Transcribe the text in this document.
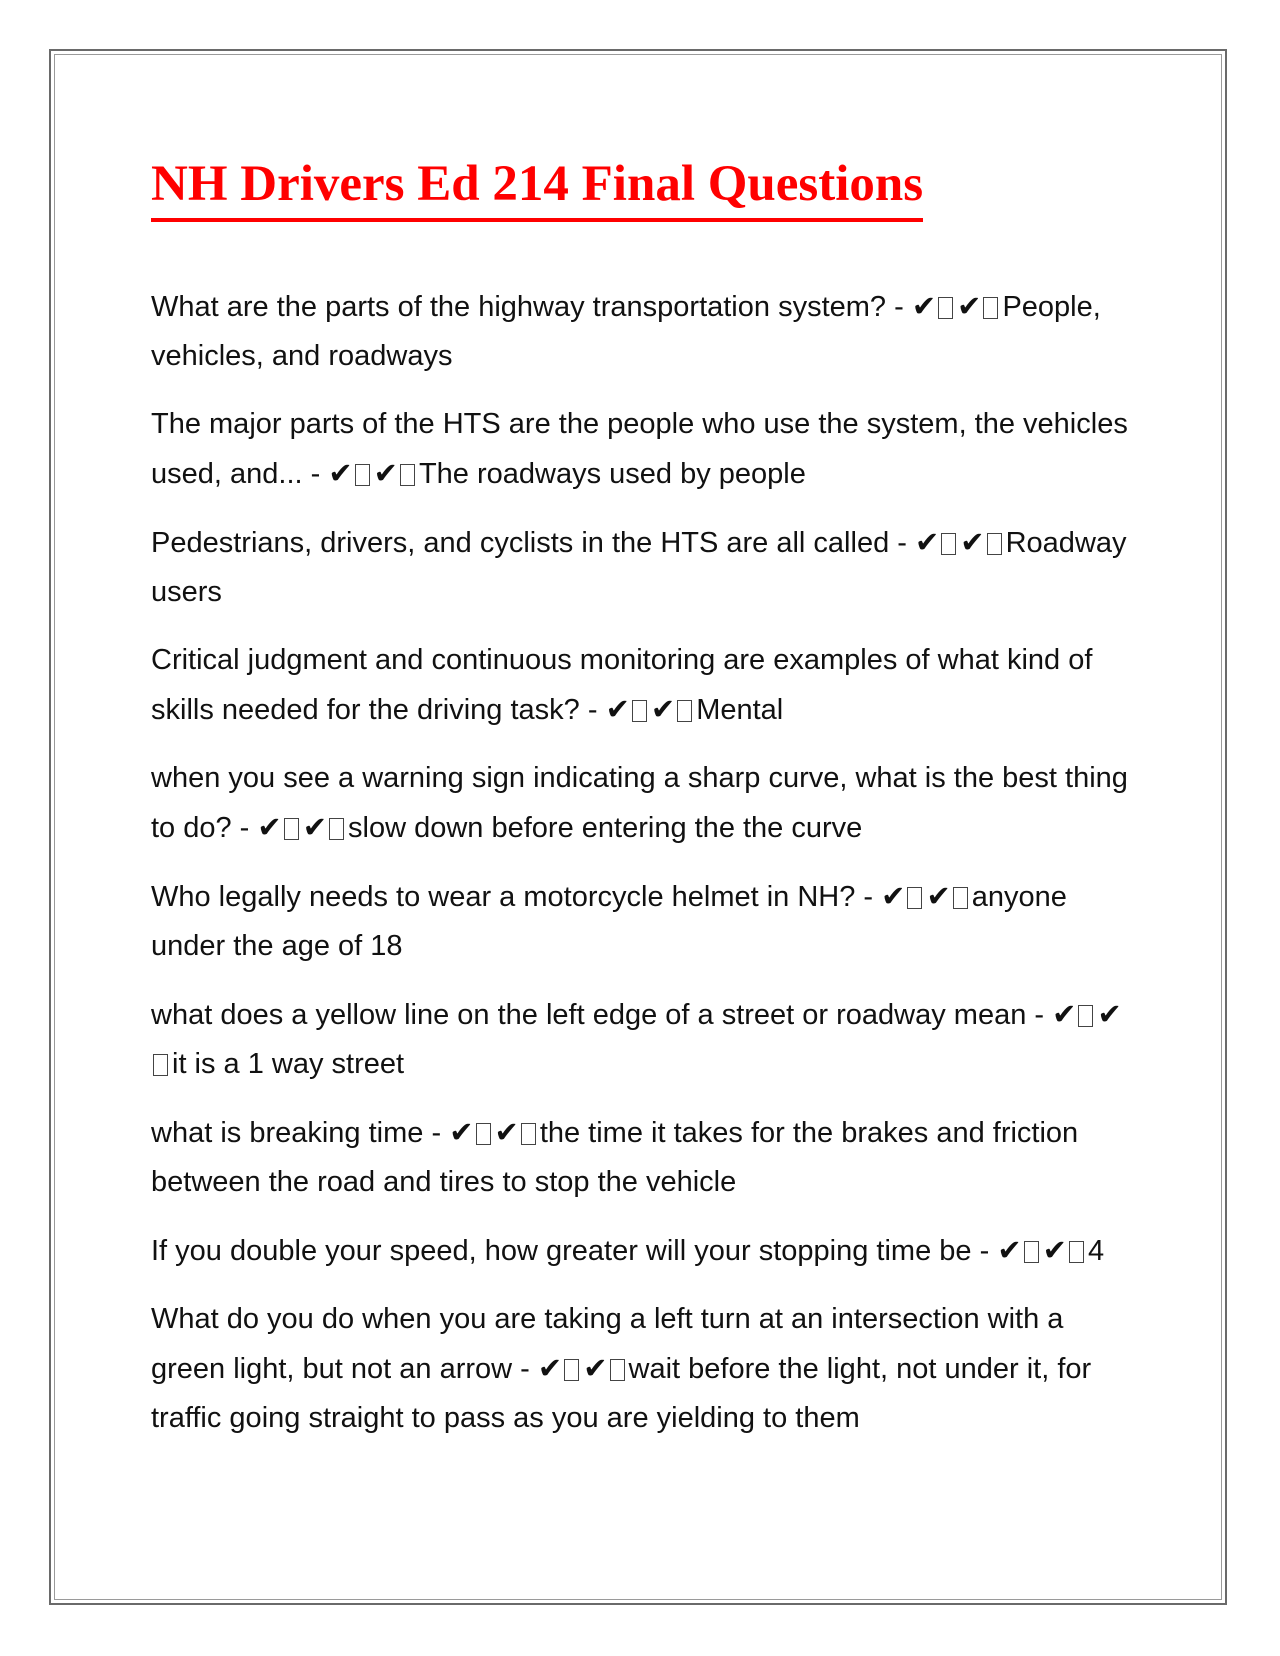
NH Drivers Ed 214 Final Questions

What are the parts of the highway transportation system? - ✔ ✔ People, vehicles, and roadways

The major parts of the HTS are the people who use the system, the vehicles used, and... - ✔ ✔ The roadways used by people

Pedestrians, drivers, and cyclists in the HTS are all called - ✔ ✔ Roadway users

Critical judgment and continuous monitoring are examples of what kind of skills needed for the driving task? - ✔ ✔ Mental

when you see a warning sign indicating a sharp curve, what is the best thing to do? - ✔ ✔ slow down before entering the the curve

Who legally needs to wear a motorcycle helmet in NH? - ✔ ✔ anyone under the age of 18

what does a yellow line on the left edge of a street or roadway mean - ✔ ✔it is a 1 way street

what is breaking time - ✔ ✔ the time it takes for the brakes and friction between the road and tires to stop the vehicle

If you double your speed, how greater will your stopping time be - ✔ ✔ 4

What do you do when you are taking a left turn at an intersection with a green light, but not an arrow - ✔ ✔ wait before the light, not under it, for traffic going straight to pass as you are yielding to them
